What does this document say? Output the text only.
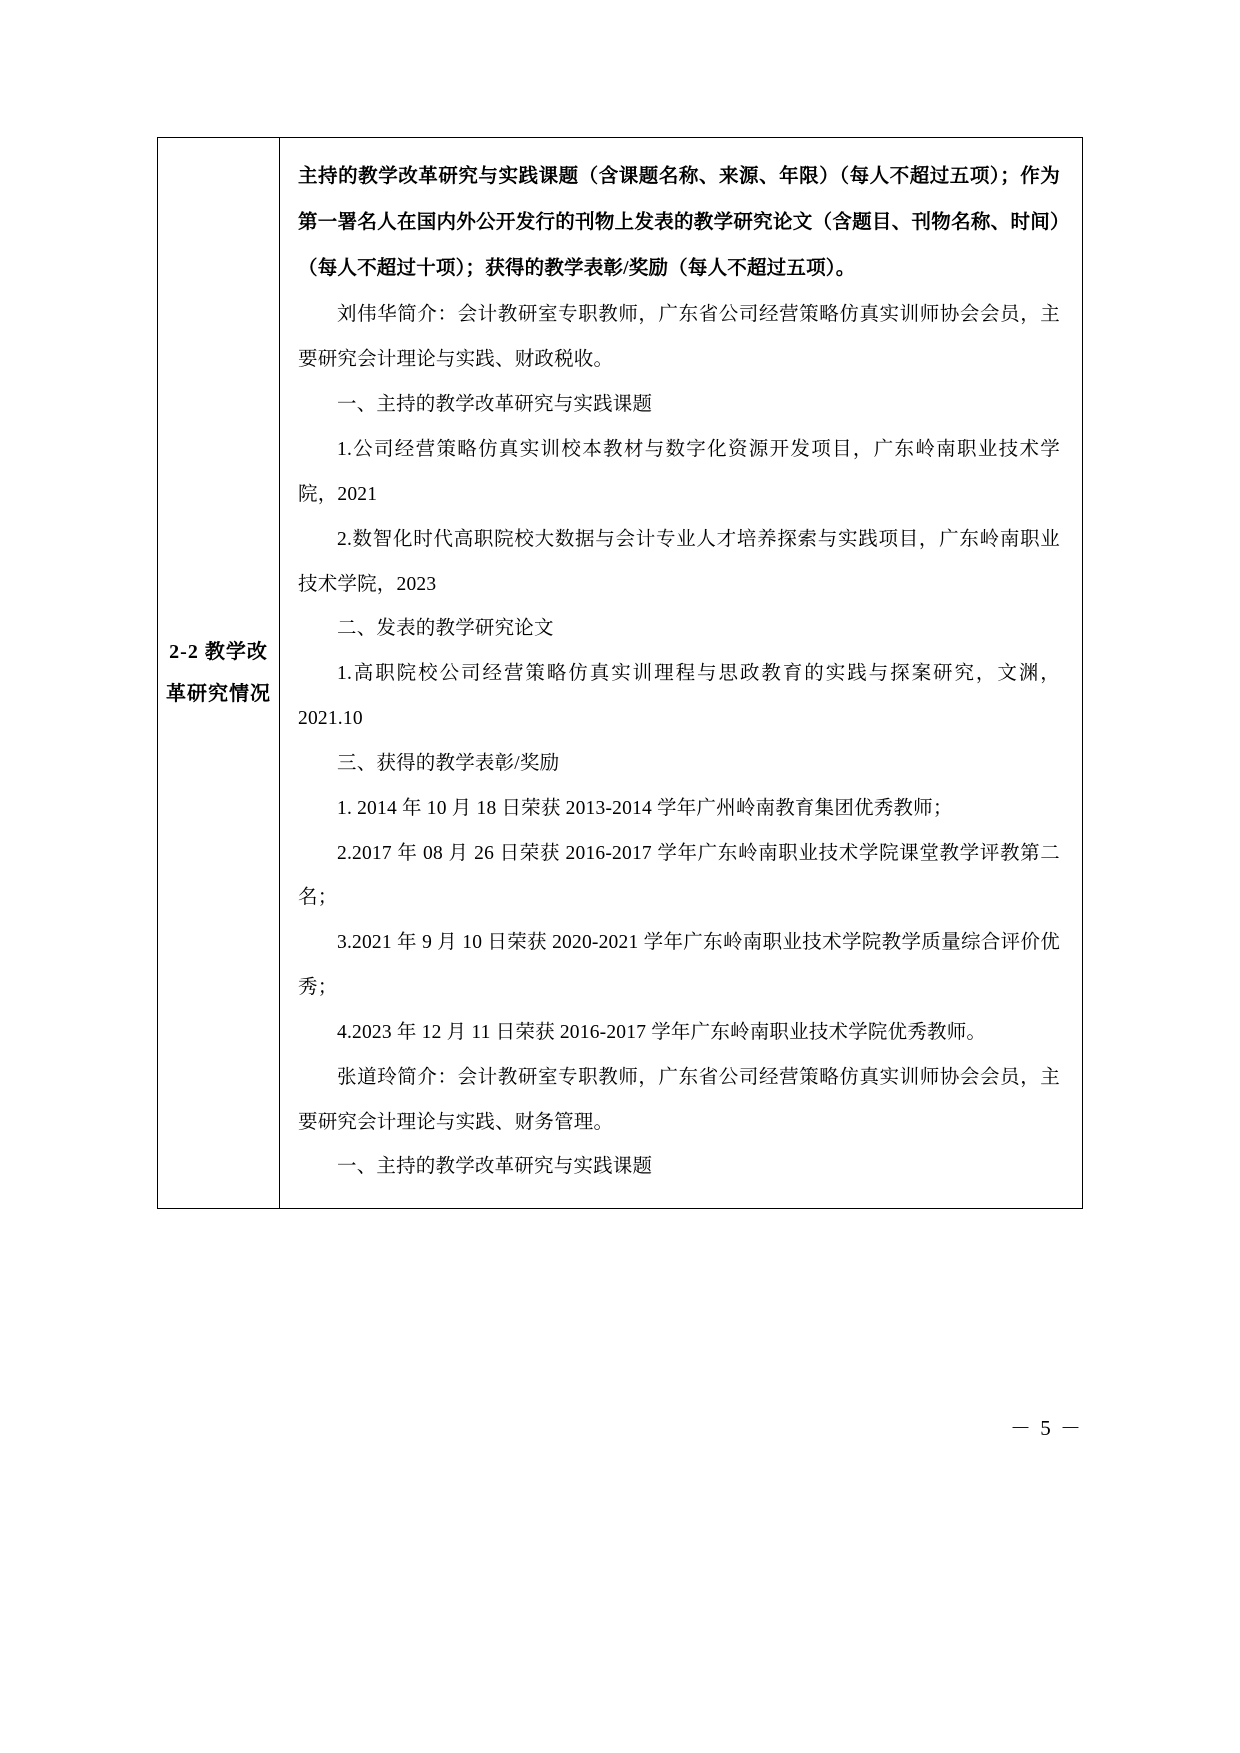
2-2 教学改革研究情况	

主持的教学改革研究与实践课题（含课题名称、来源、年限）（每人不超过五项）；作为第一署名人在国内外公开发行的刊物上发表的教学研究论文（含题目、刊物名称、时间）（每人不超过十项）；获得的教学表彰/奖励（每人不超过五项）。

刘伟华简介：会计教研室专职教师，广东省公司经营策略仿真实训师协会会员，主要研究会计理论与实践、财政税收。

一、主持的教学改革研究与实践课题

1.公司经营策略仿真实训校本教材与数字化资源开发项目，广东岭南职业技术学院，2021

2.数智化时代高职院校大数据与会计专业人才培养探索与实践项目，广东岭南职业技术学院，2023

二、发表的教学研究论文

1.高职院校公司经营策略仿真实训理程与思政教育的实践与探案研究，文渊，2021.10

三、获得的教学表彰/奖励

1. 2014 年 10 月 18 日荣获 2013-2014 学年广州岭南教育集团优秀教师；

2.2017 年 08 月 26 日荣获 2016-2017 学年广东岭南职业技术学院课堂教学评教第二名；

3.2021 年 9 月 10 日荣获 2020-2021 学年广东岭南职业技术学院教学质量综合评价优秀；

4.2023 年 12 月 11 日荣获 2016-2017 学年广东岭南职业技术学院优秀教师。

张道玲简介：会计教研室专职教师，广东省公司经营策略仿真实训师协会会员，主要研究会计理论与实践、财务管理。

一、主持的教学改革研究与实践课题

－ 5 －
